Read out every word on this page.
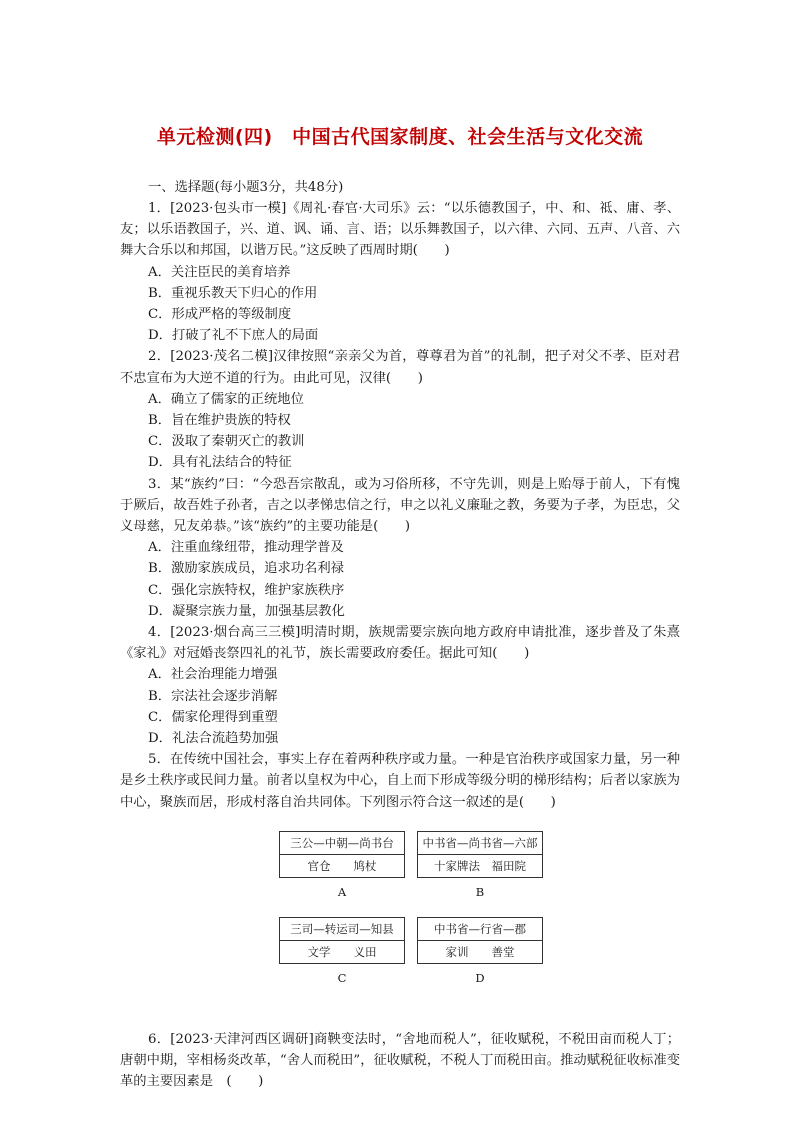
单元检测(四)　中国古代国家制度、社会生活与文化交流
一、选择题(每小题3分，共48分)

1．[2023·包头市一模]《周礼·春官·大司乐》云：“以乐德教国子，中、和、祗、庸、孝、友；以乐语教国子，兴、道、讽、诵、言、语；以乐舞教国子，以六律、六同、五声、八音、六舞大合乐以和邦国，以谐万民。”这反映了西周时期(　　)

A．关注臣民的美育培养
B．重视乐教天下归心的作用
C．形成严格的等级制度
D．打破了礼不下庶人的局面

2．[2023·茂名二模]汉律按照“亲亲父为首，尊尊君为首”的礼制，把子对父不孝、臣对君不忠宣布为大逆不道的行为。由此可见，汉律(　　)

A．确立了儒家的正统地位
B．旨在维护贵族的特权
C．汲取了秦朝灭亡的教训
D．具有礼法结合的特征

3．某“族约”曰：“今恐吾宗散乱，或为习俗所移，不守先训，则是上贻辱于前人，下有愧于厥后，故吾姓子孙者，吉之以孝悌忠信之行，申之以礼义廉耻之教，务要为子孝，为臣忠，父义母慈，兄友弟恭。”该“族约”的主要功能是(　　)

A．注重血缘纽带，推动理学普及
B．激励家族成员，追求功名利禄
C．强化宗族特权，维护家族秩序
D．凝聚宗族力量，加强基层教化

4．[2023·烟台高三三模]明清时期，族规需要宗族向地方政府申请批准，逐步普及了朱熹《家礼》对冠婚丧祭四礼的礼节，族长需要政府委任。据此可知(　　)

A．社会治理能力增强
B．宗法社会逐步消解
C．儒家伦理得到重塑
D．礼法合流趋势加强

5．在传统中国社会，事实上存在着两种秩序或力量。一种是官治秩序或国家力量，另一种是乡土秩序或民间力量。前者以皇权为中心，自上而下形成等级分明的梯形结构；后者以家族为中心，聚族而居，形成村落自治共同体。下列图示符合这一叙述的是(　　)

三公—中朝—尚书台
官仓　　鸠杖
A
中书省—尚书省—六部
十家牌法　福田院
B
三司—转运司—知县
文学　　义田
C
中书省—行省—郡
家训　　善堂
D

6．[2023·天津河西区调研]商鞅变法时，“舍地而税人”，征收赋税，不税田亩而税人丁；唐朝中期，宰相杨炎改革，“舍人而税田”，征收赋税，不税人丁而税田亩。推动赋税征收标准变革的主要因素是　(　　)
